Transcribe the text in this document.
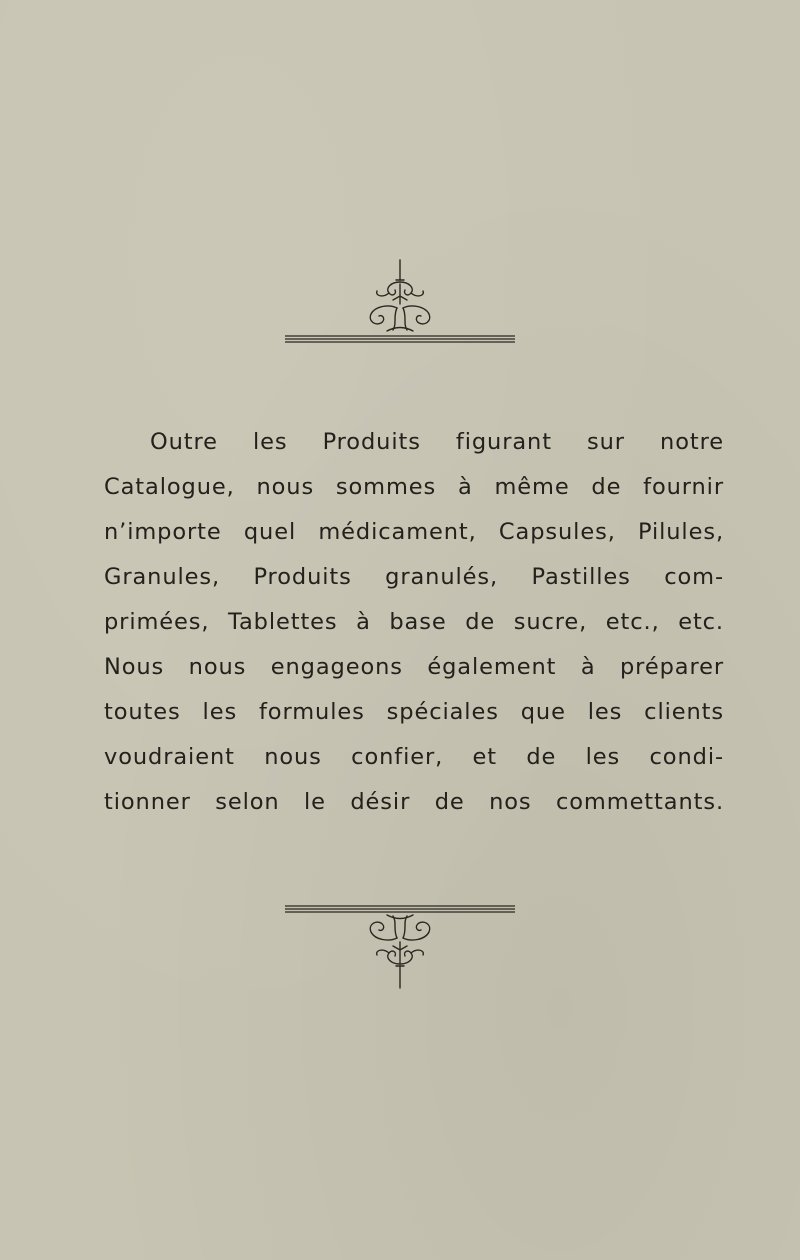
Outre les Produits figurant sur notre
Catalogue, nous sommes à même de fournir
n’importe quel médicament, Capsules, Pilules,
Granules, Produits granulés, Pastilles com-
primées, Tablettes à base de sucre, etc., etc.
Nous nous engageons également à préparer
toutes les formules spéciales que les clients
voudraient nous confier, et de les condi-
tionner selon le désir de nos commettants.
